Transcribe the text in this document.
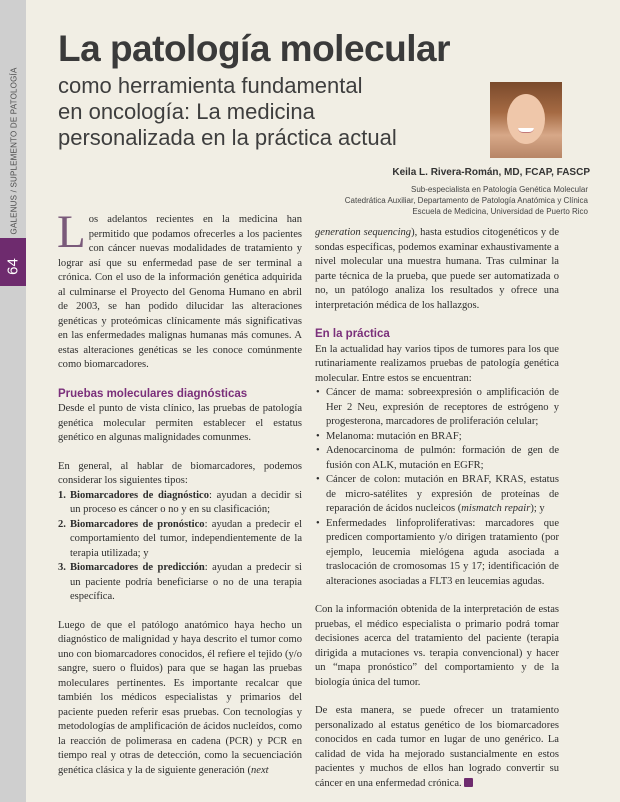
64
GALENUS / SUPLEMENTO DE PATOLOGÍA
La patología molecular
como herramienta fundamental
en oncología: La medicina
personalizada en la práctica actual
Keila L. Rivera-Román, MD, FCAP, FASCP
Sub-especialista en Patología Genética Molecular
Catedrática Auxiliar, Departamento de Patología Anatómica y Clínica
Escuela de Medicina, Universidad de Puerto Rico

Los adelantos recientes en la medicina han permitido que podamos ofrecerles a los pacientes con cáncer nuevas modalidades de tratamiento y lograr así que su enfermedad pase de ser terminal a crónica. Con el uso de la información genética adquirida al culminarse el Proyecto del Genoma Humano en abril de 2003, se han podido dilucidar las alteraciones genéticas y proteómicas clínicamente más significativas en las enfermedades malignas humanas más comunes. A estas alteraciones genéticas se les conoce comúnmente como biomarcadores.

Pruebas moleculares diagnósticas

Desde el punto de vista clínico, las pruebas de patología genética molecular permiten establecer el estatus genético en algunas malignidades comunmes.

En general, al hablar de biomarcadores, podemos considerar los siguientes tipos:

1. Biomarcadores de diagnóstico: ayudan a decidir si un proceso es cáncer o no y en su clasificación;
2. Biomarcadores de pronóstico: ayudan a predecir el comportamiento del tumor, independientemente de la terapia utilizada; y
3. Biomarcadores de predicción: ayudan a predecir si un paciente podría beneficiarse o no de una terapia específica.

Luego de que el patólogo anatómico haya hecho un diagnóstico de malignidad y haya descrito el tumor como uno con biomarcadores conocidos, él refiere el tejido (y/o sangre, suero o fluidos) para que se hagan las pruebas moleculares pertinentes. Es importante recalcar que también los médicos especialistas y primarios del paciente pueden referir esas pruebas. Con tecnologías y metodologías de amplificación de ácidos nucleídos, como la reacción de polimerasa en cadena (PCR) y PCR en tiempo real y otras de detección, como la secuenciación genética clásica y la de siguiente generación (next

generation sequencing), hasta estudios citogenéticos y de sondas específicas, podemos examinar exhaustivamente a nivel molecular una muestra humana. Tras culminar la parte técnica de la prueba, que puede ser automatizada o no, un patólogo analiza los resultados y ofrece una interpretación médica de los hallazgos.

En la práctica

En la actualidad hay varios tipos de tumores para los que rutinariamente realizamos pruebas de patología genética molecular. Entre estos se encuentran:

• Cáncer de mama: sobreexpresión o amplificación de Her 2 Neu, expresión de receptores de estrógeno y progesterona, marcadores de proliferación celular;
• Melanoma: mutación en BRAF;
• Adenocarcinoma de pulmón: formación de gen de fusión con ALK, mutación en EGFR;
• Cáncer de colon: mutación en BRAF, KRAS, estatus de micro-satélites y expresión de proteínas de reparación de ácidos nucleicos (mismatch repair); y
• Enfermedades linfoproliferativas: marcadores que predicen comportamiento y/o dirigen tratamiento (por ejemplo, leucemia mielógena aguda asociada a traslocación de cromosomas 15 y 17; identificación de alteraciones asociadas a FLT3 en leucemias agudas.

Con la información obtenida de la interpretación de estas pruebas, el médico especialista o primario podrá tomar decisiones acerca del tratamiento del paciente (terapia dirigida a mutaciones vs. terapia convencional) y hacer un “mapa pronóstico” del comportamiento y de la biología única del tumor.

De esta manera, se puede ofrecer un tratamiento personalizado al estatus genético de los biomarcadores conocidos en cada tumor en lugar de uno genérico. La calidad de vida ha mejorado sustancialmente en estos pacientes y muchos de ellos han logrado convertir su cáncer en una enfermedad crónica.
